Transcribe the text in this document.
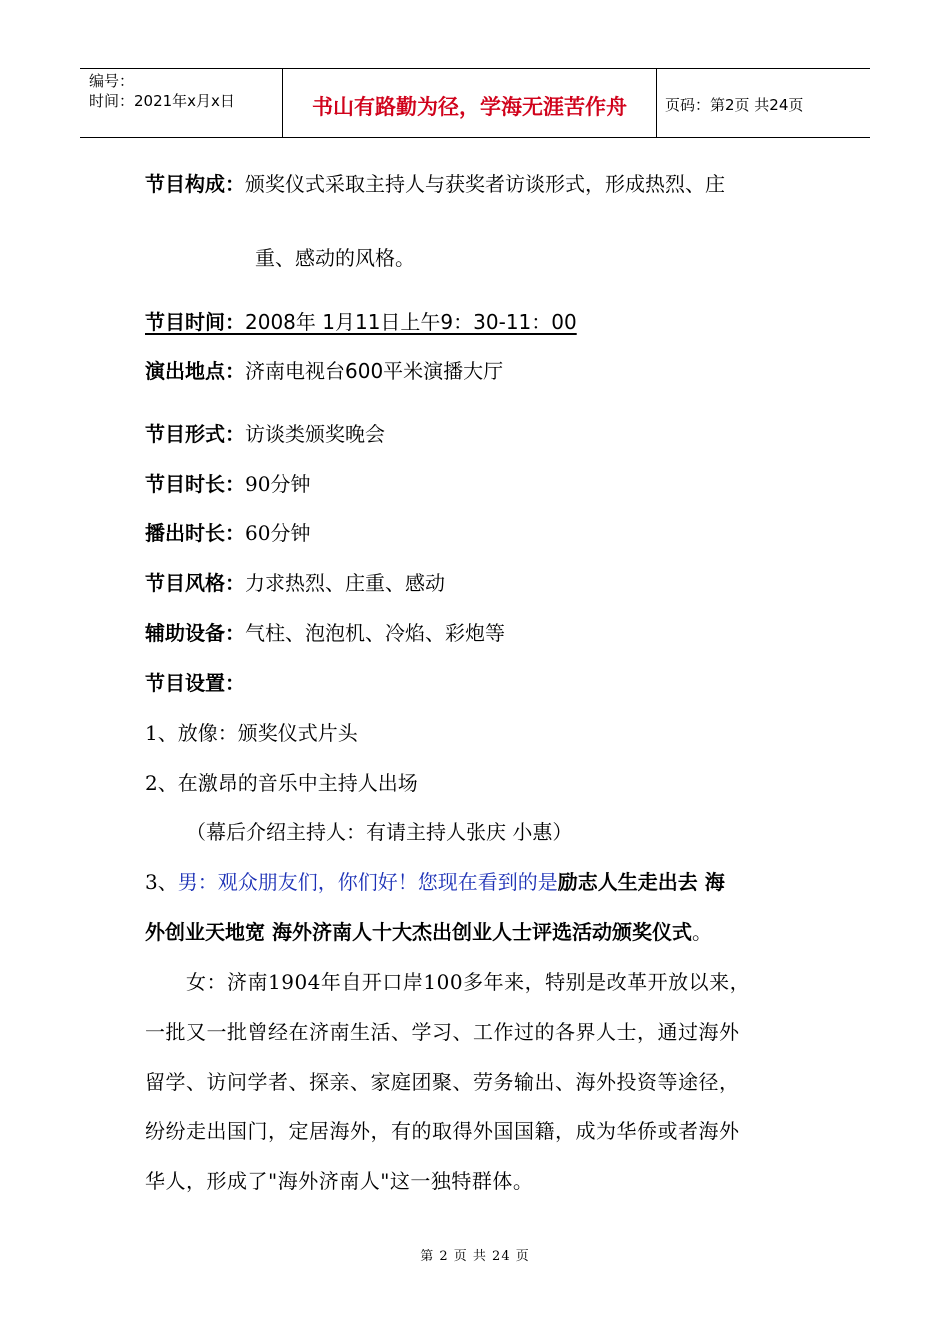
编号：
时间：2021年x月x日	书山有路勤为径，学海无涯苦作舟	页码：第2页 共24页
节目构成：颁奖仪式采取主持人与获奖者访谈形式，形成热烈、庄
重、感动的风格。
节目时间：2008年 1月11日上午9：30-11：00
演出地点：济南电视台600平米演播大厅
节目形式：访谈类颁奖晚会
节目时长：90分钟
播出时长：60分钟
节目风格：力求热烈、庄重、感动
辅助设备：气柱、泡泡机、冷焰、彩炮等
节目设置：
1、放像：颁奖仪式片头
2、在激昂的音乐中主持人出场
（幕后介绍主持人：有请主持人张庆 小惠）
3、男：观众朋友们，你们好！您现在看到的是励志人生走出去 海
外创业天地宽 海外济南人十大杰出创业人士评选活动颁奖仪式。
女：济南1904年自开口岸100多年来，特别是改革开放以来，
一批又一批曾经在济南生活、学习、工作过的各界人士，通过海外
留学、访问学者、探亲、家庭团聚、劳务输出、海外投资等途径，
纷纷走出国门，定居海外，有的取得外国国籍，成为华侨或者海外
华人，形成了"海外济南人"这一独特群体。
第 2 页 共 24 页
